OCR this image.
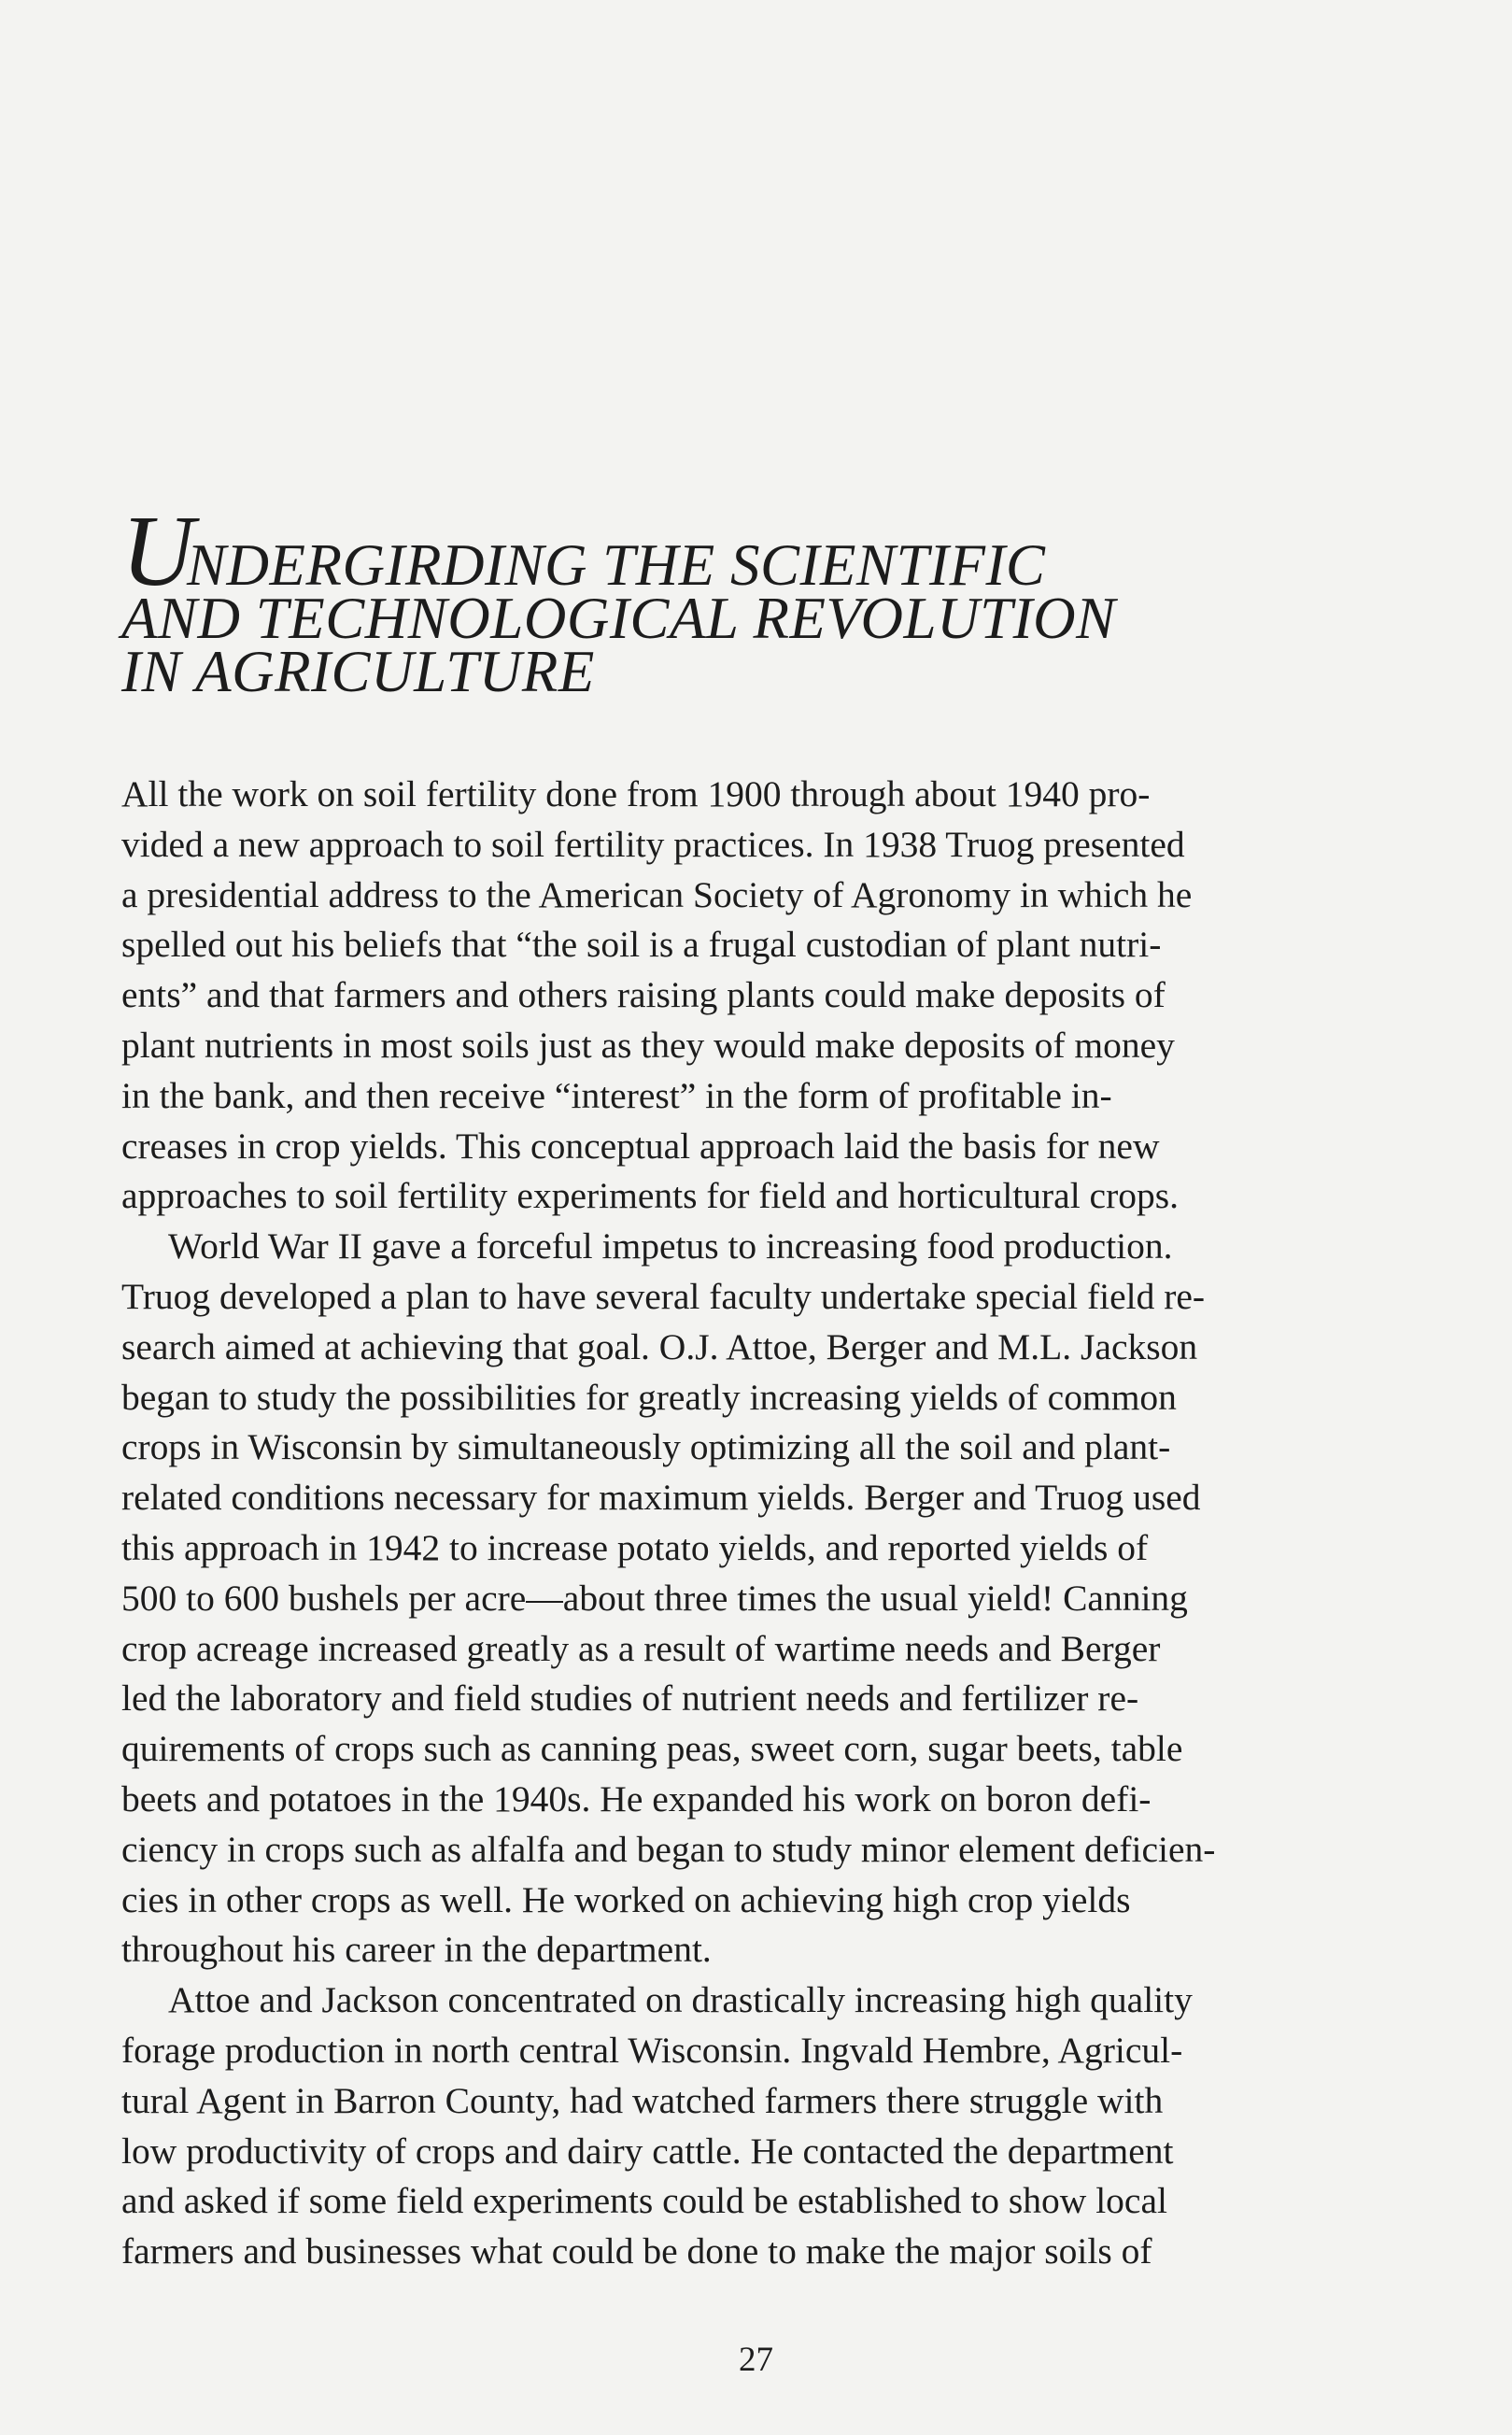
UNDERGIRDING THE SCIENTIFIC
AND TECHNOLOGICAL REVOLUTION
IN AGRICULTURE
All the work on soil fertility done from 1900 through about 1940 pro-
vided a new approach to soil fertility practices. In 1938 Truog presented
a presidential address to the American Society of Agronomy in which he
spelled out his beliefs that “the soil is a frugal custodian of plant nutri-
ents” and that farmers and others raising plants could make deposits of
plant nutrients in most soils just as they would make deposits of money
in the bank, and then receive “interest” in the form of profitable in-
creases in crop yields. This conceptual approach laid the basis for new
approaches to soil fertility experiments for field and horticultural crops.
World War II gave a forceful impetus to increasing food production.
Truog developed a plan to have several faculty undertake special field re-
search aimed at achieving that goal. O.J. Attoe, Berger and M.L. Jackson
began to study the possibilities for greatly increasing yields of common
crops in Wisconsin by simultaneously optimizing all the soil and plant-
related conditions necessary for maximum yields. Berger and Truog used
this approach in 1942 to increase potato yields, and reported yields of
500 to 600 bushels per acre—about three times the usual yield! Canning
crop acreage increased greatly as a result of wartime needs and Berger
led the laboratory and field studies of nutrient needs and fertilizer re-
quirements of crops such as canning peas, sweet corn, sugar beets, table
beets and potatoes in the 1940s. He expanded his work on boron defi-
ciency in crops such as alfalfa and began to study minor element deficien-
cies in other crops as well. He worked on achieving high crop yields
throughout his career in the department.
Attoe and Jackson concentrated on drastically increasing high quality
forage production in north central Wisconsin. Ingvald Hembre, Agricul-
tural Agent in Barron County, had watched farmers there struggle with
low productivity of crops and dairy cattle. He contacted the department
and asked if some field experiments could be established to show local
farmers and businesses what could be done to make the major soils of
27
